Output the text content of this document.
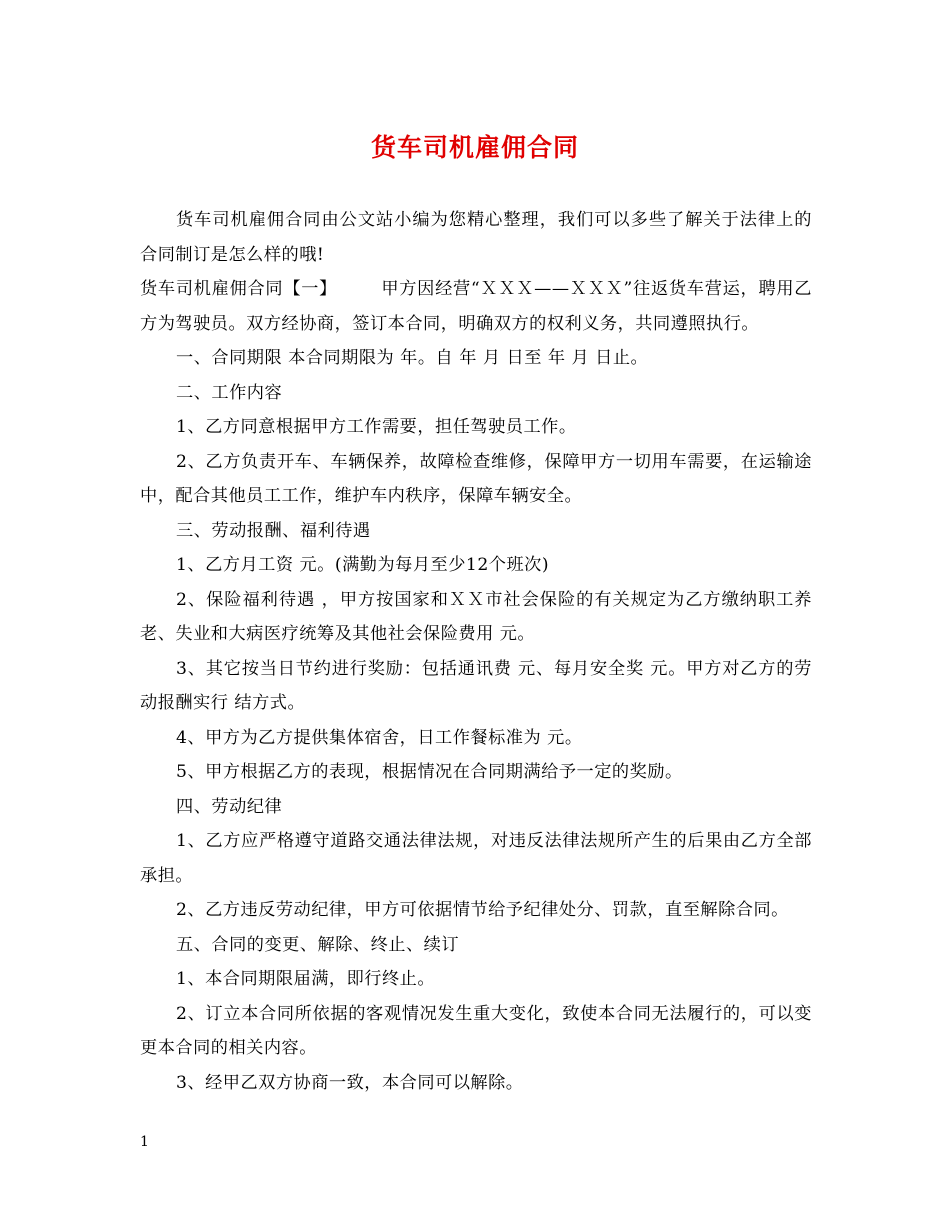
货车司机雇佣合同

货车司机雇佣合同由公文站小编为您精心整理，我们可以多些了解关于法律上的合同制订是怎么样的哦!

货车司机雇佣合同【一】	甲方因经营“ＸＸＸ——ＸＸＸ”往返货车营运，聘用乙方为驾驶员。双方经协商，签订本合同，明确双方的权利义务，共同遵照执行。

一、合同期限 本合同期限为 年。自 年 月 日至 年 月 日止。

二、工作内容

1、乙方同意根据甲方工作需要，担任驾驶员工作。

2、乙方负责开车、车辆保养，故障检查维修，保障甲方一切用车需要，在运输途中，配合其他员工工作，维护车内秩序，保障车辆安全。

三、劳动报酬、福利待遇

1、乙方月工资 元。(满勤为每月至少12个班次)

2、保险福利待遇 ，甲方按国家和ＸＸ市社会保险的有关规定为乙方缴纳职工养老、失业和大病医疗统筹及其他社会保险费用 元。

3、其它按当日节约进行奖励：包括通讯费 元、每月安全奖 元。甲方对乙方的劳动报酬实行 结方式。

4、甲方为乙方提供集体宿舍，日工作餐标准为 元。

5、甲方根据乙方的表现，根据情况在合同期满给予一定的奖励。

四、劳动纪律

1、乙方应严格遵守道路交通法律法规，对违反法律法规所产生的后果由乙方全部承担。

2、乙方违反劳动纪律，甲方可依据情节给予纪律处分、罚款，直至解除合同。

五、合同的变更、解除、终止、续订

1、本合同期限届满，即行终止。

2、订立本合同所依据的客观情况发生重大变化，致使本合同无法履行的，可以变更本合同的相关内容。

3、经甲乙双方协商一致，本合同可以解除。

1
